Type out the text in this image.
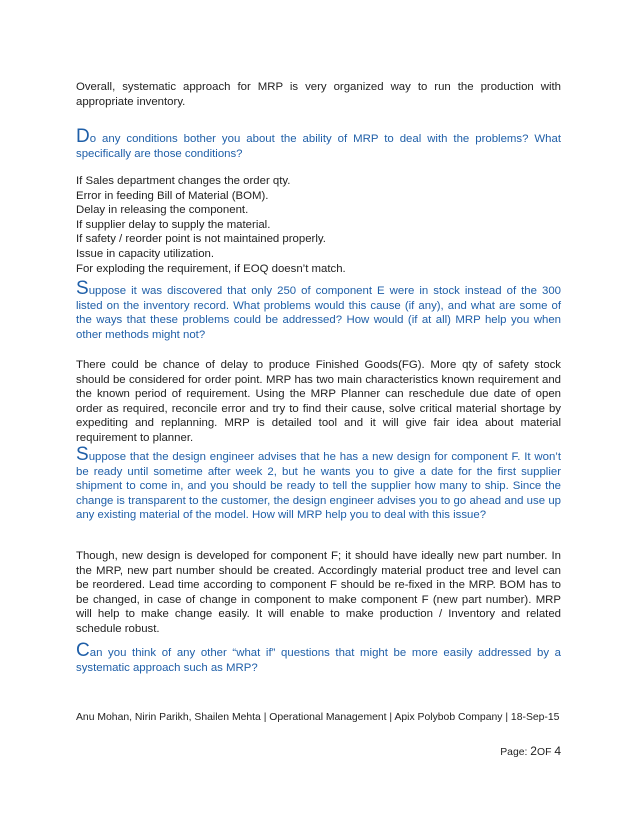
Overall, systematic approach for MRP is very organized way to run the production with appropriate inventory.

Do any conditions bother you about the ability of MRP to deal with the problems? What specifically are those conditions?

If Sales department changes the order qty.
Error in feeding Bill of Material (BOM).
Delay in releasing the component.
If supplier delay to supply the material.
If safety / reorder point is not maintained properly.
Issue in capacity utilization.
For exploding the requirement, if EOQ doesn’t match.

Suppose it was discovered that only 250 of component E were in stock instead of the 300 listed on the inventory record. What problems would this cause (if any), and what are some of the ways that these problems could be addressed? How would (if at all) MRP help you when other methods might not?

There could be chance of delay to produce Finished Goods(FG). More qty of safety stock should be considered for order point. MRP has two main characteristics known requirement and the known period of requirement. Using the MRP Planner can reschedule due date of open order as required, reconcile error and try to find their cause, solve critical material shortage by expediting and replanning. MRP is detailed tool and it will give fair idea about material requirement to planner.

Suppose that the design engineer advises that he has a new design for component F. It won’t be ready until sometime after week 2, but he wants you to give a date for the first supplier shipment to come in, and you should be ready to tell the supplier how many to ship. Since the change is transparent to the customer, the design engineer advises you to go ahead and use up any existing material of the model. How will MRP help you to deal with this issue?

Though, new design is developed for component F; it should have ideally new part number. In the MRP, new part number should be created. Accordingly material product tree and level can be reordered. Lead time according to component F should be re-fixed in the MRP. BOM has to be changed, in case of change in component to make component F (new part number). MRP will help to make change easily. It will enable to make production / Inventory and related schedule robust.

Can you think of any other “what if” questions that might be more easily addressed by a systematic approach such as MRP?

Anu Mohan, Nirin Parikh, Shailen Mehta | Operational Management | Apix Polybob Company | 18-Sep-15

Page: 2OF 4
